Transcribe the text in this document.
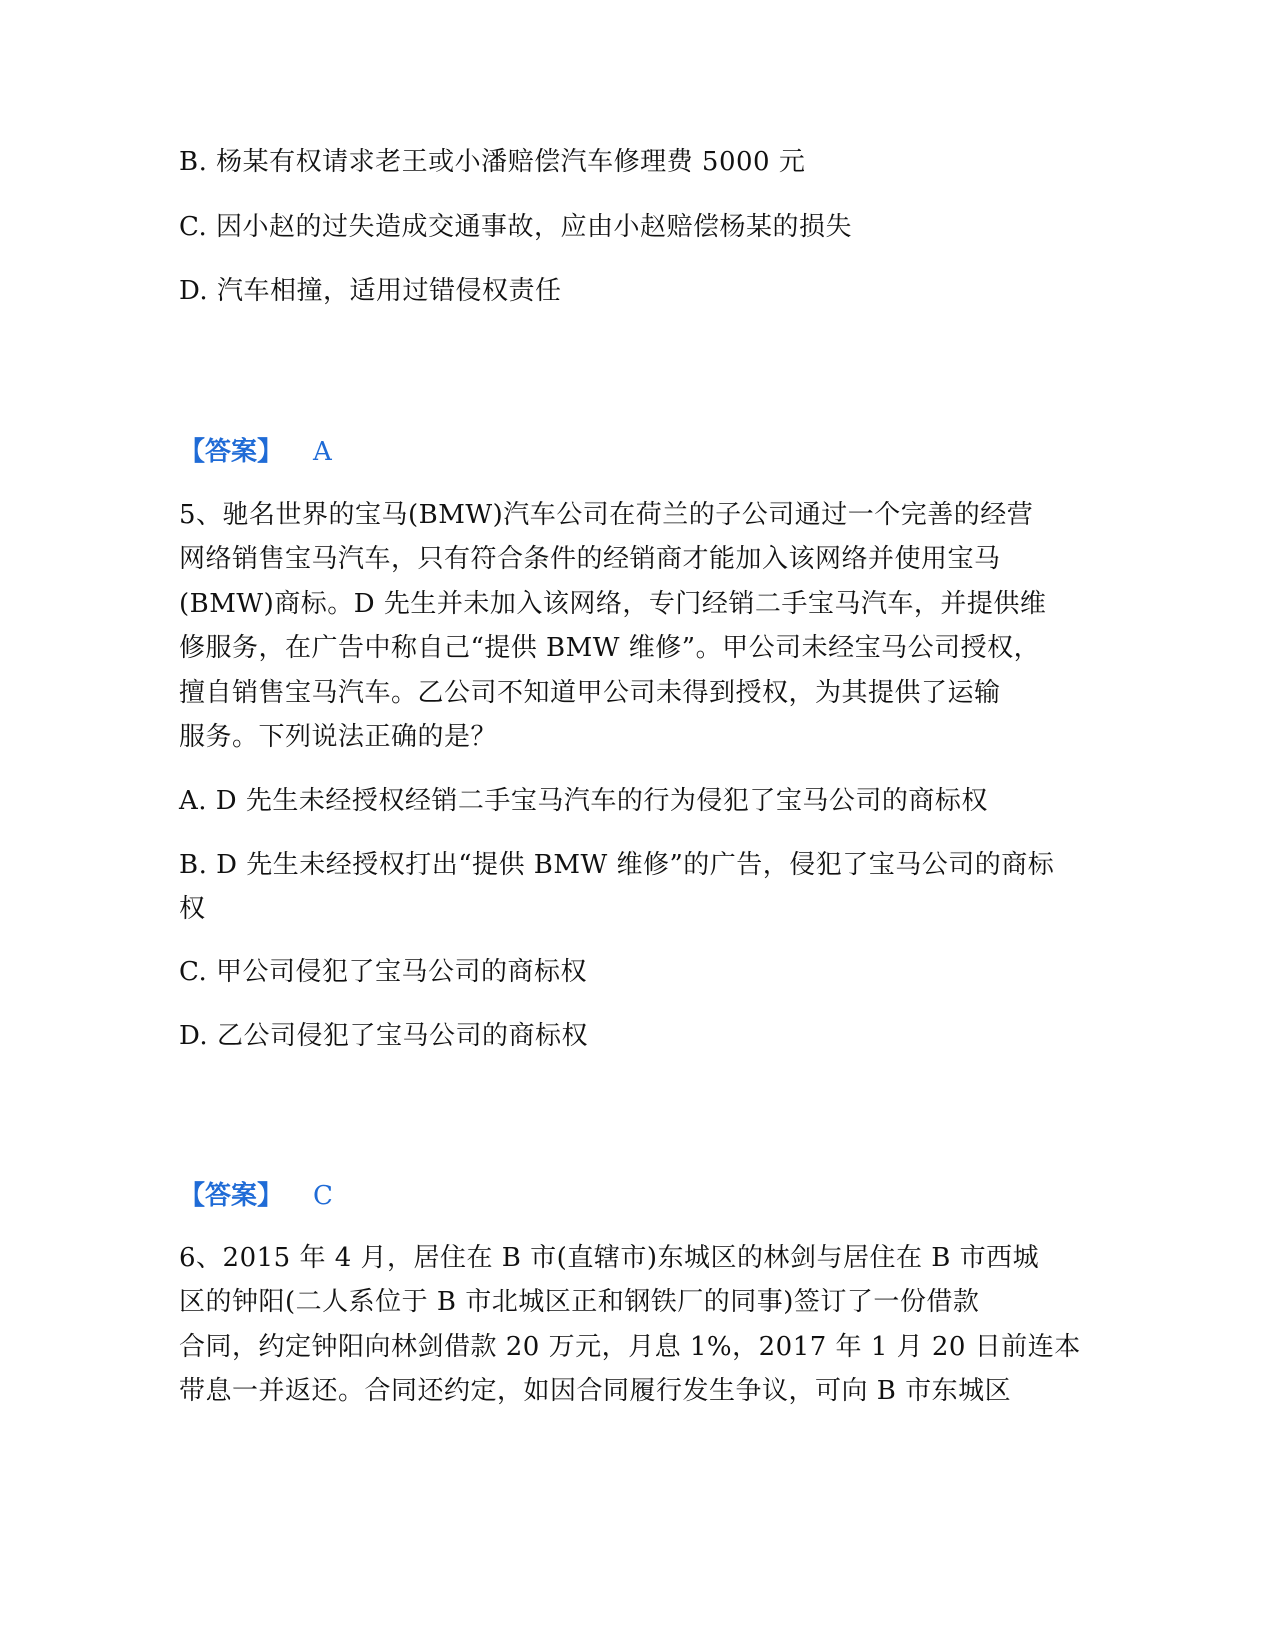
B. 杨某有权请求老王或小潘赔偿汽车修理费 5000 元
C. 因小赵的过失造成交通事故，应由小赵赔偿杨某的损失
D. 汽车相撞，适用过错侵权责任
【答案】 A
5、驰名世界的宝马(BMW)汽车公司在荷兰的子公司通过一个完善的经营
网络销售宝马汽车，只有符合条件的经销商才能加入该网络并使用宝马
(BMW)商标。D 先生并未加入该网络，专门经销二手宝马汽车，并提供维
修服务，在广告中称自己“提供 BMW 维修”。甲公司未经宝马公司授权，
擅自销售宝马汽车。乙公司不知道甲公司未得到授权，为其提供了运输
服务。下列说法正确的是？
A. D 先生未经授权经销二手宝马汽车的行为侵犯了宝马公司的商标权
B. D 先生未经授权打出“提供 BMW 维修”的广告，侵犯了宝马公司的商标
权
C. 甲公司侵犯了宝马公司的商标权
D. 乙公司侵犯了宝马公司的商标权
【答案】 C
6、2015 年 4 月，居住在 B 市(直辖市)东城区的林剑与居住在 B 市西城
区的钟阳(二人系位于 B 市北城区正和钢铁厂的同事)签订了一份借款
合同，约定钟阳向林剑借款 20 万元，月息 1%，2017 年 1 月 20 日前连本
带息一并返还。合同还约定，如因合同履行发生争议，可向 B 市东城区
